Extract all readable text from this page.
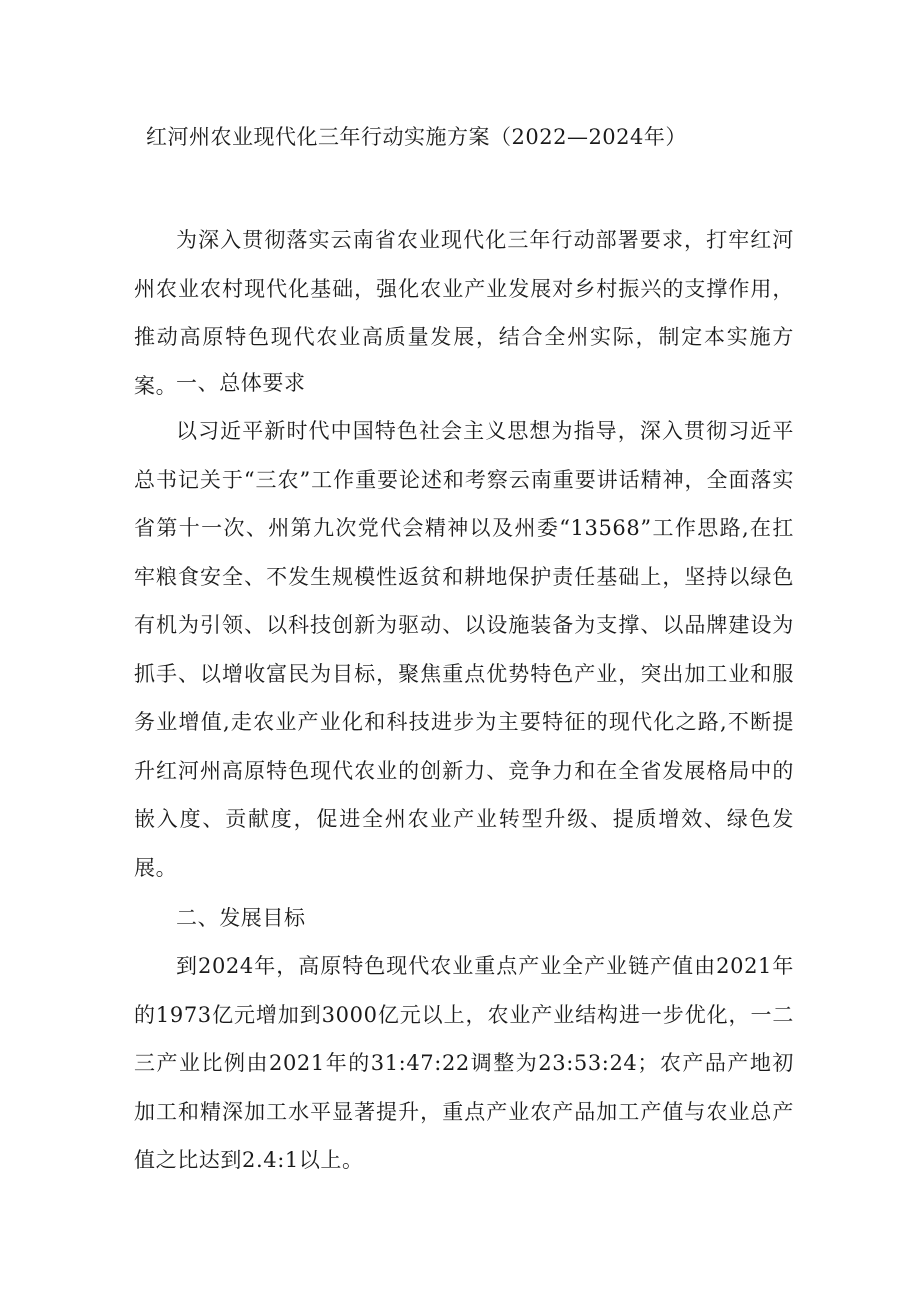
红河州农业现代化三年行动实施方案（2022—2024年）

为深入贯彻落实云南省农业现代化三年行动部署要求，打牢红河州农业农村现代化基础，强化农业产业发展对乡村振兴的支撑作用，推动高原特色现代农业高质量发展，结合全州实际，制定本实施方案。

一、总体要求

以习近平新时代中国特色社会主义思想为指导，深入贯彻习近平总书记关于“三农”工作重要论述和考察云南重要讲话精神，全面落实省第十一次、州第九次党代会精神以及州委“13568”工作思路,在扛牢粮食安全、不发生规模性返贫和耕地保护责任基础上，坚持以绿色有机为引领、以科技创新为驱动、以设施装备为支撑、以品牌建设为抓手、以增收富民为目标，聚焦重点优势特色产业，突出加工业和服务业增值,走农业产业化和科技进步为主要特征的现代化之路,不断提升红河州高原特色现代农业的创新力、竞争力和在全省发展格局中的嵌入度、贡献度，促进全州农业产业转型升级、提质增效、绿色发展。

二、发展目标

到2024年，高原特色现代农业重点产业全产业链产值由2021年的1973亿元增加到3000亿元以上，农业产业结构进一步优化，一二三产业比例由2021年的31:47:22调整为23:53:24；农产品产地初加工和精深加工水平显著提升，重点产业农产品加工产值与农业总产值之比达到2.4:1以上。
